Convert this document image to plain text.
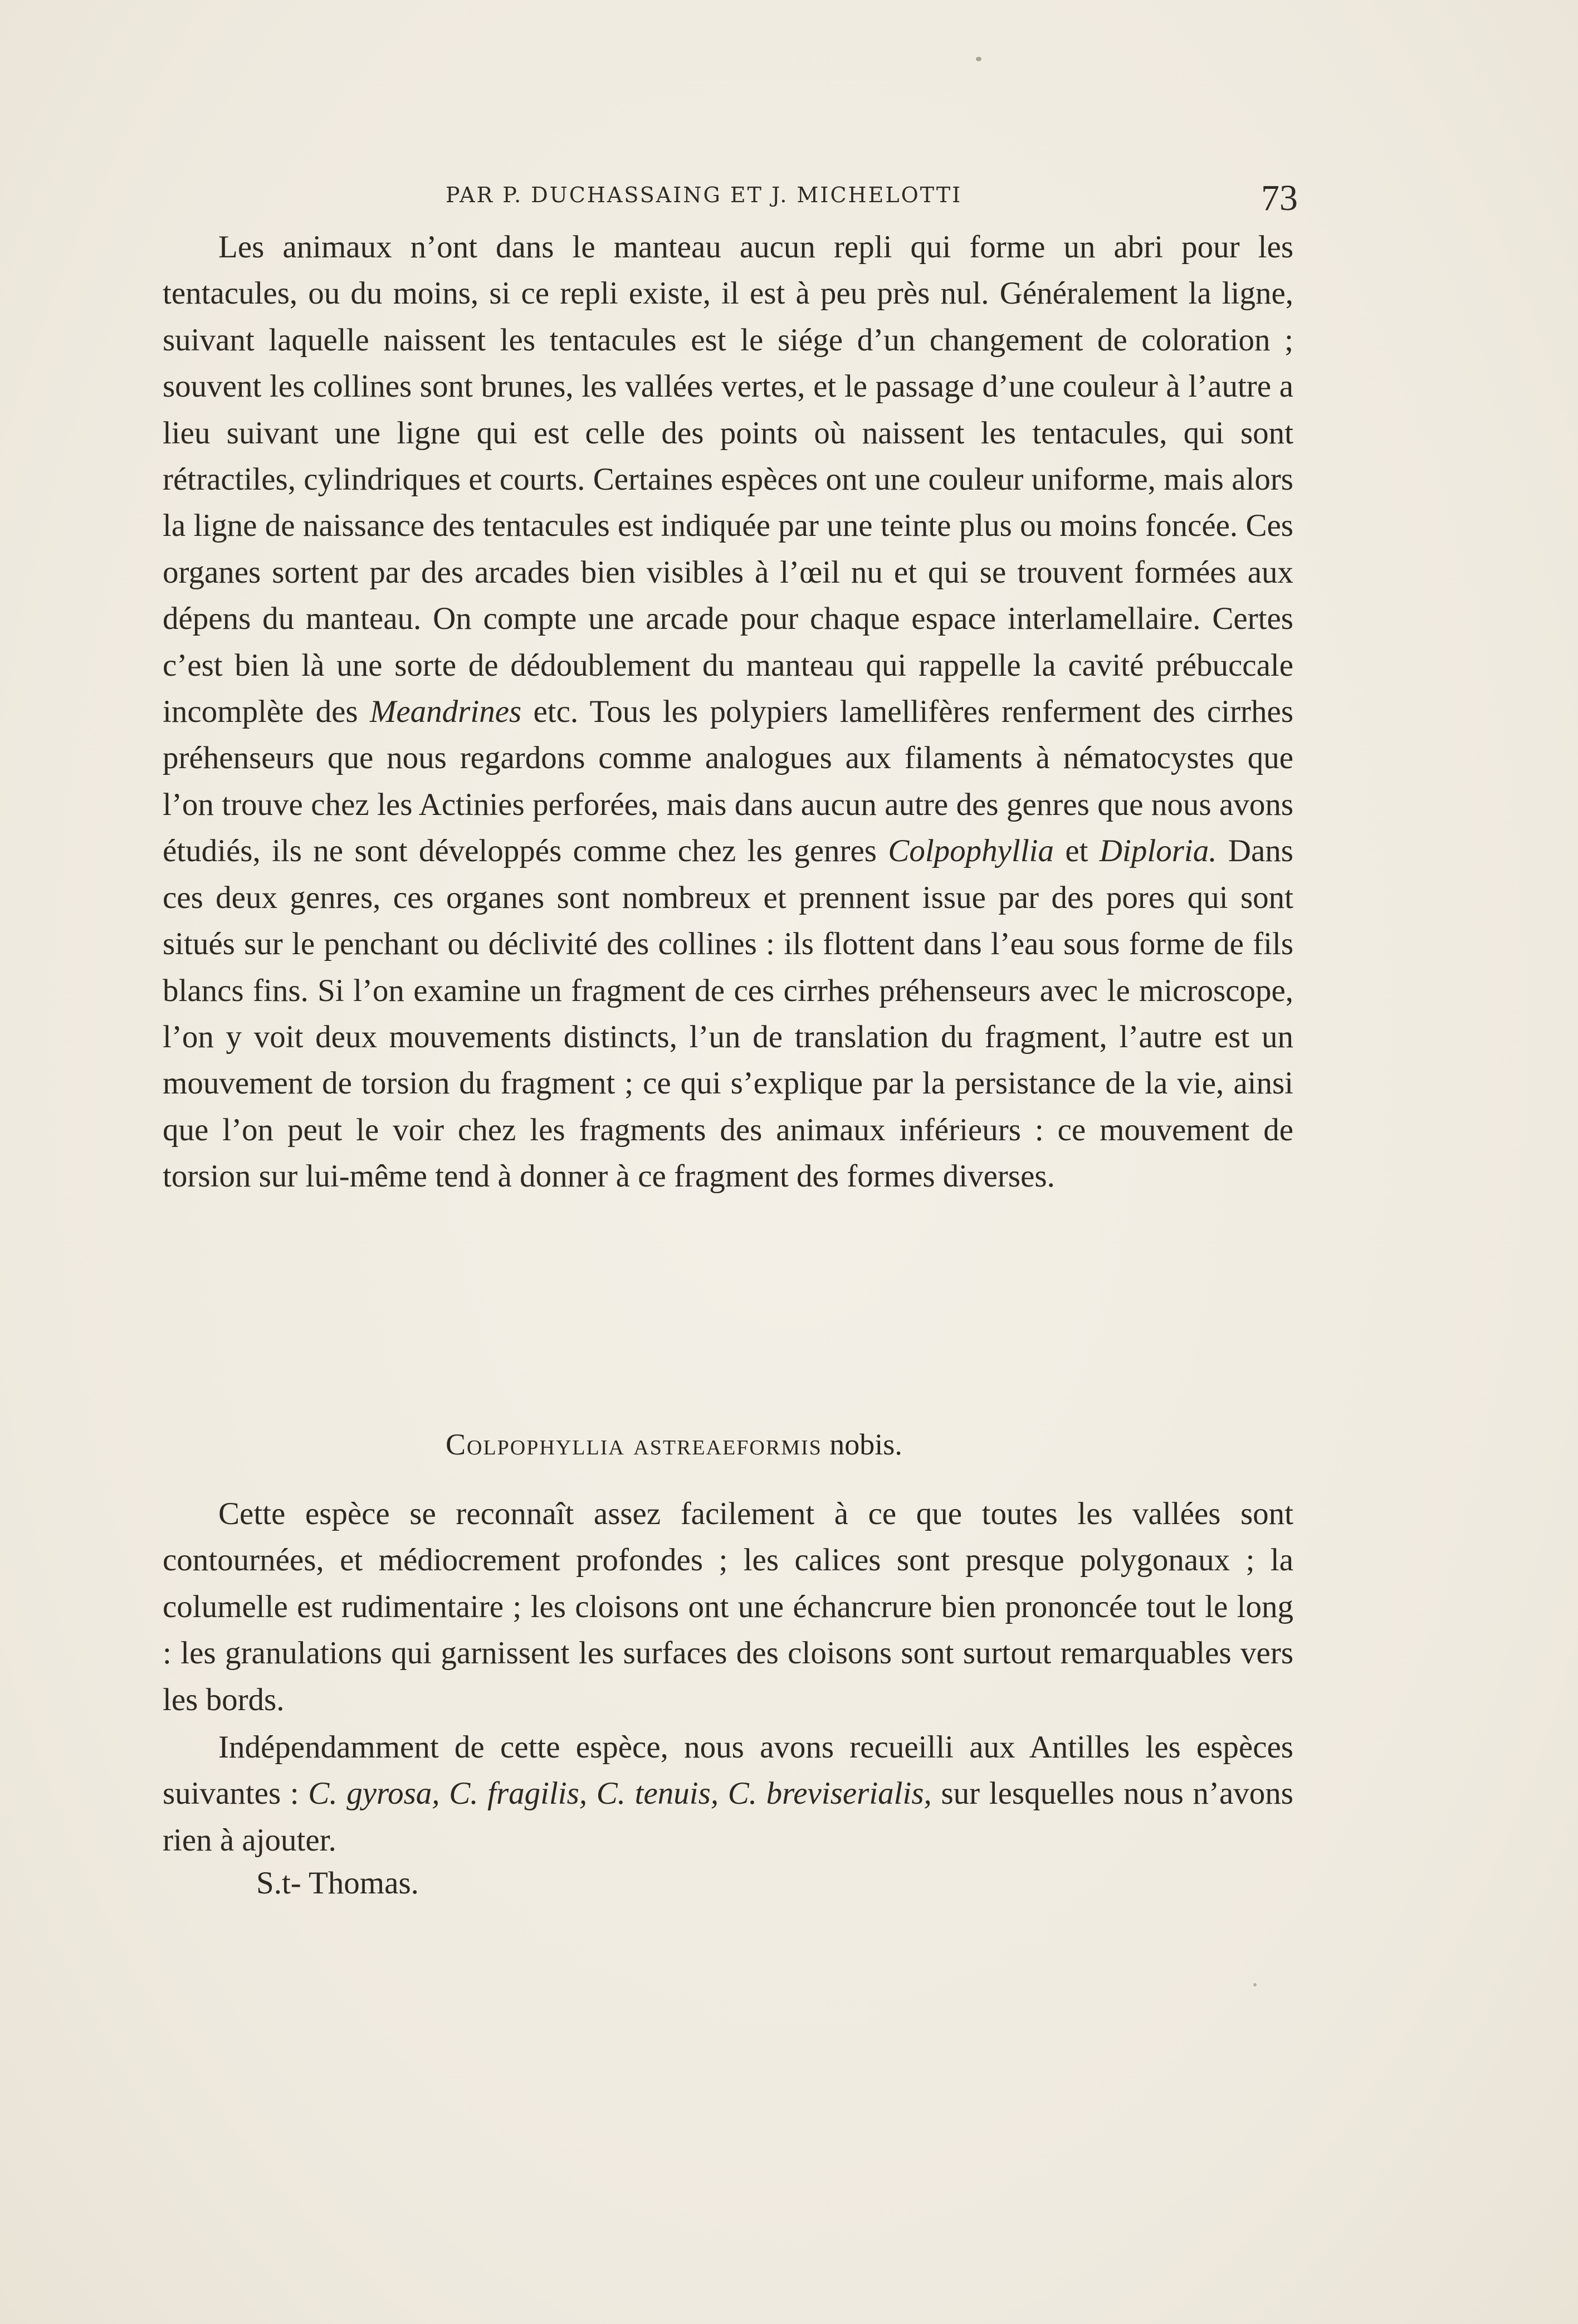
PAR P. DUCHASSAING ET J. MICHELOTTI	73

Les animaux n’ont dans le manteau aucun repli qui forme un abri pour les tentacules, ou du moins, si ce repli existe, il est à peu près nul. Généralement la ligne, suivant laquelle naissent les tentacules est le siége d’un changement de coloration ; souvent les collines sont brunes, les vallées vertes, et le passage d’une couleur à l’autre a lieu suivant une ligne qui est celle des points où naissent les tentacules, qui sont rétractiles, cylindriques et courts. Certaines espèces ont une couleur uniforme, mais alors la ligne de naissance des tentacules est indiquée par une teinte plus ou moins foncée. Ces organes sortent par des arcades bien visibles à l’œil nu et qui se trouvent formées aux dépens du manteau. On compte une arcade pour chaque espace interlamellaire. Certes c’est bien là une sorte de dédoublement du manteau qui rappelle la cavité prébuccale incomplète des Meandrines etc. Tous les polypiers lamellifères renferment des cirrhes préhenseurs que nous regardons comme analogues aux filaments à nématocystes que l’on trouve chez les Actinies perforées, mais dans aucun autre des genres que nous avons étudiés, ils ne sont développés comme chez les genres Colpophyllia et Diploria. Dans ces deux genres, ces organes sont nombreux et prennent issue par des pores qui sont situés sur le penchant ou déclivité des collines : ils flottent dans l’eau sous forme de fils blancs fins. Si l’on examine un fragment de ces cirrhes préhenseurs avec le microscope, l’on y voit deux mouvements distincts, l’un de translation du fragment, l’autre est un mouvement de torsion du fragment ; ce qui s’explique par la persistance de la vie, ainsi que l’on peut le voir chez les fragments des animaux inférieurs : ce mouvement de torsion sur lui-même tend à donner à ce fragment des formes diverses.

Colpophyllia astreaeformis nobis.

Cette espèce se reconnaît assez facilement à ce que toutes les vallées sont contournées, et médiocrement profondes ; les calices sont presque polygonaux ; la columelle est rudimentaire ; les cloisons ont une échancrure bien prononcée tout le long : les granulations qui garnissent les surfaces des cloisons sont surtout remarquables vers les bords.

Indépendamment de cette espèce, nous avons recueilli aux Antilles les espèces suivantes : C. gyrosa, C. fragilis, C. tenuis, C. breviserialis, sur lesquelles nous n’avons rien à ajouter.

S.t- Thomas.
